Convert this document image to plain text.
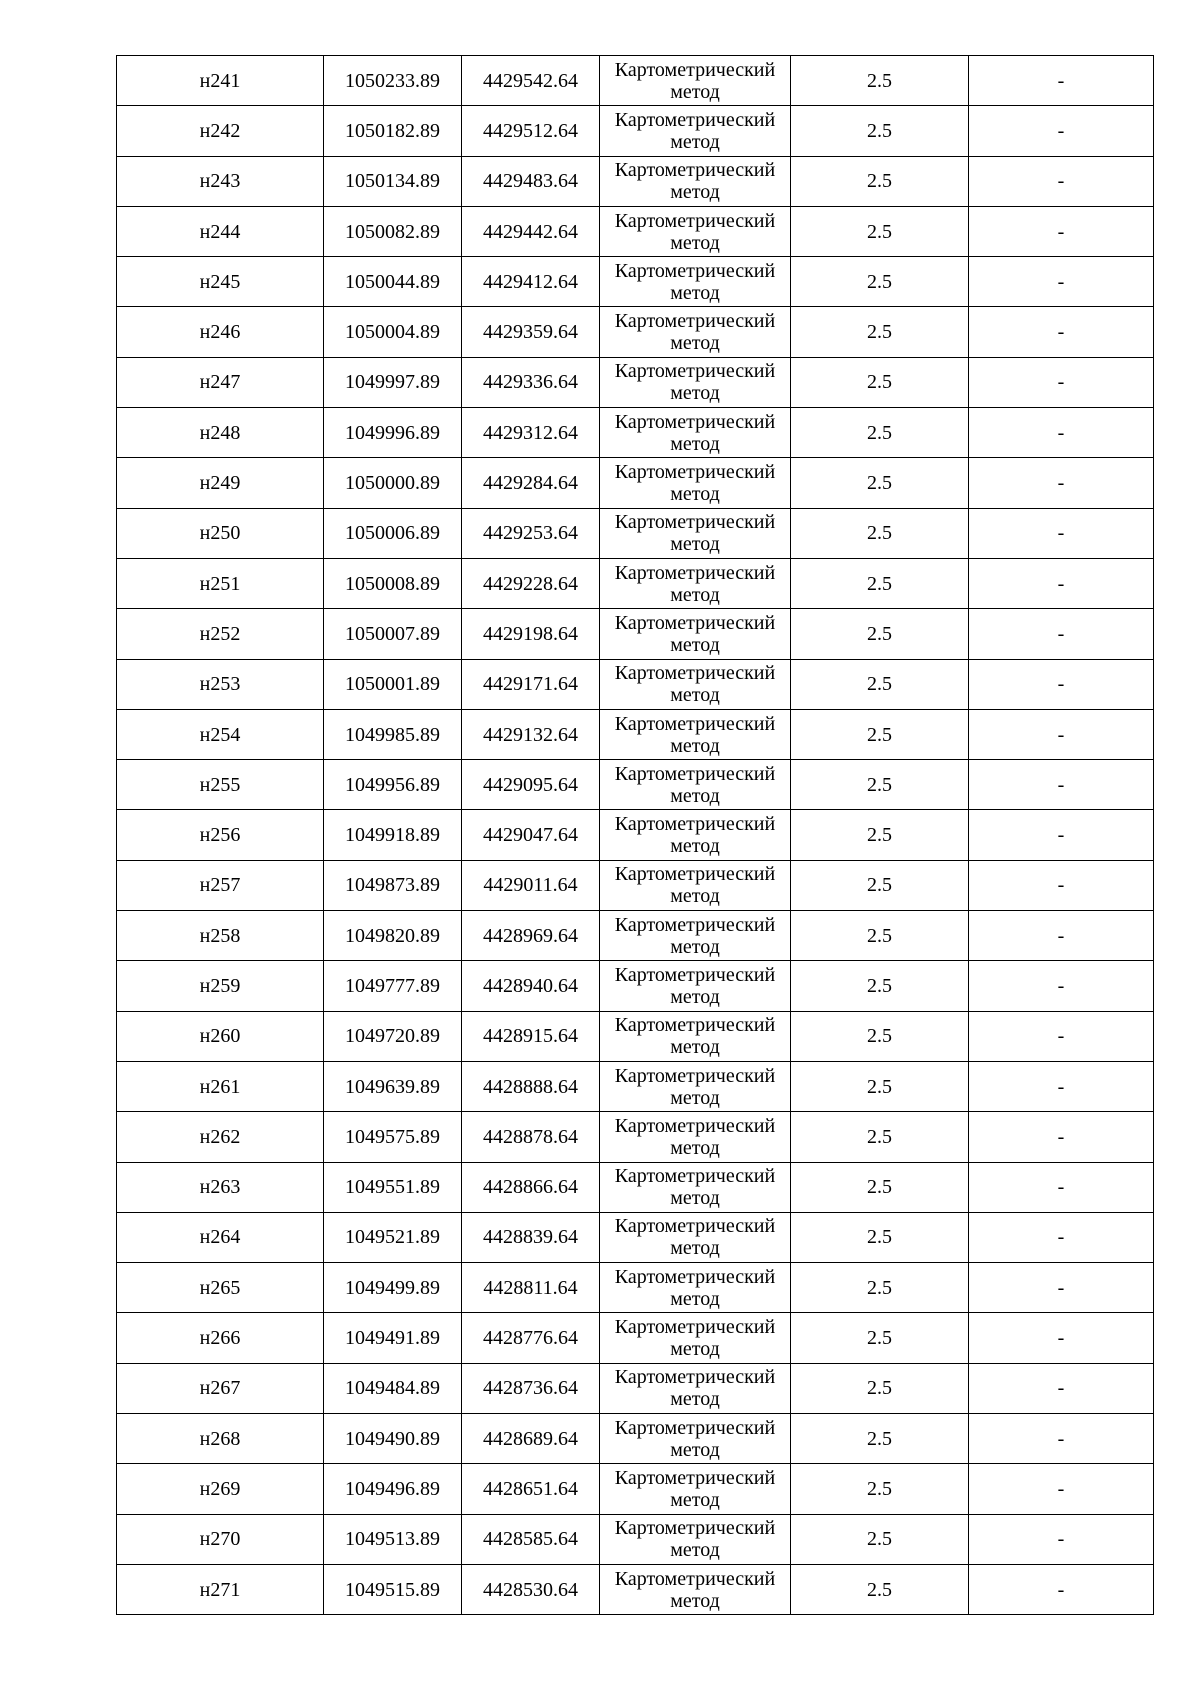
н241	1050233.89	4429542.64	Картометрический
метод	2.5	-
н242	1050182.89	4429512.64	Картометрический
метод	2.5	-
н243	1050134.89	4429483.64	Картометрический
метод	2.5	-
н244	1050082.89	4429442.64	Картометрический
метод	2.5	-
н245	1050044.89	4429412.64	Картометрический
метод	2.5	-
н246	1050004.89	4429359.64	Картометрический
метод	2.5	-
н247	1049997.89	4429336.64	Картометрический
метод	2.5	-
н248	1049996.89	4429312.64	Картометрический
метод	2.5	-
н249	1050000.89	4429284.64	Картометрический
метод	2.5	-
н250	1050006.89	4429253.64	Картометрический
метод	2.5	-
н251	1050008.89	4429228.64	Картометрический
метод	2.5	-
н252	1050007.89	4429198.64	Картометрический
метод	2.5	-
н253	1050001.89	4429171.64	Картометрический
метод	2.5	-
н254	1049985.89	4429132.64	Картометрический
метод	2.5	-
н255	1049956.89	4429095.64	Картометрический
метод	2.5	-
н256	1049918.89	4429047.64	Картометрический
метод	2.5	-
н257	1049873.89	4429011.64	Картометрический
метод	2.5	-
н258	1049820.89	4428969.64	Картометрический
метод	2.5	-
н259	1049777.89	4428940.64	Картометрический
метод	2.5	-
н260	1049720.89	4428915.64	Картометрический
метод	2.5	-
н261	1049639.89	4428888.64	Картометрический
метод	2.5	-
н262	1049575.89	4428878.64	Картометрический
метод	2.5	-
н263	1049551.89	4428866.64	Картометрический
метод	2.5	-
н264	1049521.89	4428839.64	Картометрический
метод	2.5	-
н265	1049499.89	4428811.64	Картометрический
метод	2.5	-
н266	1049491.89	4428776.64	Картометрический
метод	2.5	-
н267	1049484.89	4428736.64	Картометрический
метод	2.5	-
н268	1049490.89	4428689.64	Картометрический
метод	2.5	-
н269	1049496.89	4428651.64	Картометрический
метод	2.5	-
н270	1049513.89	4428585.64	Картометрический
метод	2.5	-
н271	1049515.89	4428530.64	Картометрический
метод	2.5	-
